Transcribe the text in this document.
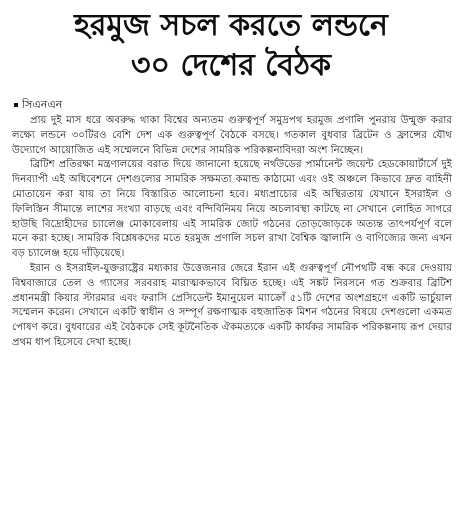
হরমুজ সচল করতে লন্ডনে
৩০ দেশের বৈঠক
সিএনএন

প্রায় দুই মাস ধরে অবরুদ্ধ থাকা বিশ্বের অন্যতম গুরুত্বপূর্ণ সমুদ্রপথ হরমুজ প্রণালি পুনরায় উন্মুক্ত করার লক্ষ্যে লন্ডনে ৩০টিরও বেশি দেশ এক গুরুত্বপূর্ণ বৈঠকে বসছে। গতকাল বুধবার ব্রিটেন ও ফ্রান্সের যৌথ উদ্যোগে আয়োজিত এই সম্মেলনে বিভিন্ন দেশের সামরিক পরিকল্পনাবিদরা অংশ নিচ্ছেন।

ব্রিটিশ প্রতিরক্ষা মন্ত্রণালয়ের বরাত দিয়ে জানানো হয়েছে নর্থউডের পার্মানেন্ট জয়েন্ট হেডকোয়ার্টার্সে দুই দিনব্যাপী এই অধিবেশনে দেশগুলোর সামরিক সক্ষমতা কমান্ড কাঠামো এবং ওই অঞ্চলে কিভাবে দ্রুত বাহিনী মোতায়েন করা যায় তা নিয়ে বিস্তারিত আলোচনা হবে। মধ্যপ্রাচ্যের এই অস্থিরতায় যেখানে ইসরাইল ও ফিলিস্তিন সীমান্তে লাশের সংখ্যা বাড়ছে এবং বন্দিবিনিময় নিয়ে অচলাবস্থা কাটছে না সেখানে লোহিত সাগরে হাউছি বিদ্রোহীদের চ্যালেঞ্জ মোকাবেলায় এই সামরিক জোট গঠনের তোড়জোড়কে অত্যন্ত তাৎপর্যপূর্ণ বলে মনে করা হচ্ছে। সামরিক বিশ্লেষকদের মতে হরমুজ প্রণালি সচল রাখা বৈশ্বিক জ্বালানি ও বাণিজ্যের জন্য এখন বড় চ্যালেঞ্জ হয়ে দাঁড়িয়েছে।

ইরান ও ইসরাইল-যুক্তরাষ্ট্রের মধ্যকার উত্তেজনার জেরে ইরান এই গুরুত্বপূর্ণ নৌপথটি বন্ধ করে দেওয়ায় বিশ্ববাজারে তেল ও গ্যাসের সরবরাহ মারাত্মকভাবে বিঘ্নিত হচ্ছে। এই সঙ্কট নিরসনে গত শুক্রবার ব্রিটিশ প্রধানমন্ত্রী কিয়ার স্টারমার এবং ফরাসি প্রেসিডেন্ট ইমানুয়েল ম্যাক্রোঁ ৫১টি দেশের অংশগ্রহণে একটি ভার্চুয়াল সম্মেলন করেন। সেখানে একটি স্বাধীন ও সম্পূর্ণ রক্ষণাত্মক বহুজাতিক মিশন গঠনের বিষয়ে দেশগুলো একমত পোষণ করে। বুধবারের এই বৈঠককে সেই কূটনৈতিক ঐকমত্যকে একটি কার্যকর সামরিক পরিকল্পনায় রূপ দেয়ার প্রথম ধাপ হিসেবে দেখা হচ্ছে।
